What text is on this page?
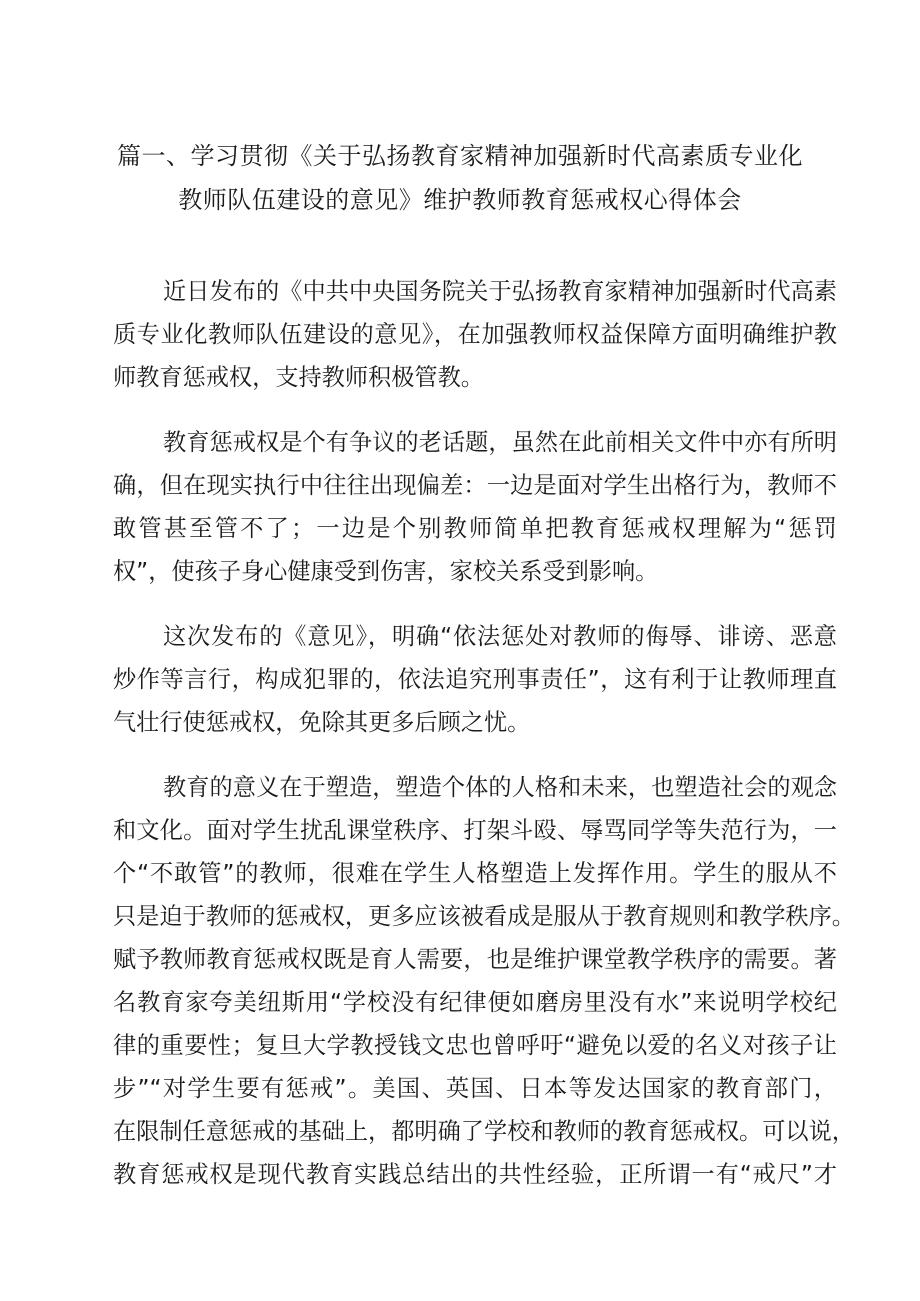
篇一、学习贯彻《关于弘扬教育家精神加强新时代高素质专业化
教师队伍建设的意见》维护教师教育惩戒权心得体会
近日发布的《中共中央国务院关于弘扬教育家精神加强新时代高素
质专业化教师队伍建设的意见》，在加强教师权益保障方面明确维护教
师教育惩戒权，支持教师积极管教。
教育惩戒权是个有争议的老话题，虽然在此前相关文件中亦有所明
确，但在现实执行中往往出现偏差：一边是面对学生出格行为，教师不
敢管甚至管不了；一边是个别教师简单把教育惩戒权理解为“惩罚
权”，使孩子身心健康受到伤害，家校关系受到影响。
这次发布的《意见》，明确“依法惩处对教师的侮辱、诽谤、恶意
炒作等言行，构成犯罪的，依法追究刑事责任”，这有利于让教师理直
气壮行使惩戒权，免除其更多后顾之忧。
教育的意义在于塑造，塑造个体的人格和未来，也塑造社会的观念
和文化。面对学生扰乱课堂秩序、打架斗殴、辱骂同学等失范行为，一
个“不敢管”的教师，很难在学生人格塑造上发挥作用。学生的服从不
只是迫于教师的惩戒权，更多应该被看成是服从于教育规则和教学秩序。
赋予教师教育惩戒权既是育人需要，也是维护课堂教学秩序的需要。著
名教育家夸美纽斯用“学校没有纪律便如磨房里没有水”来说明学校纪
律的重要性；复旦大学教授钱文忠也曾呼吁“避免以爱的名义对孩子让
步”“对学生要有惩戒”。美国、英国、日本等发达国家的教育部门，
在限制任意惩戒的基础上，都明确了学校和教师的教育惩戒权。可以说，
教育惩戒权是现代教育实践总结出的共性经验，正所谓一有“戒尺”才
